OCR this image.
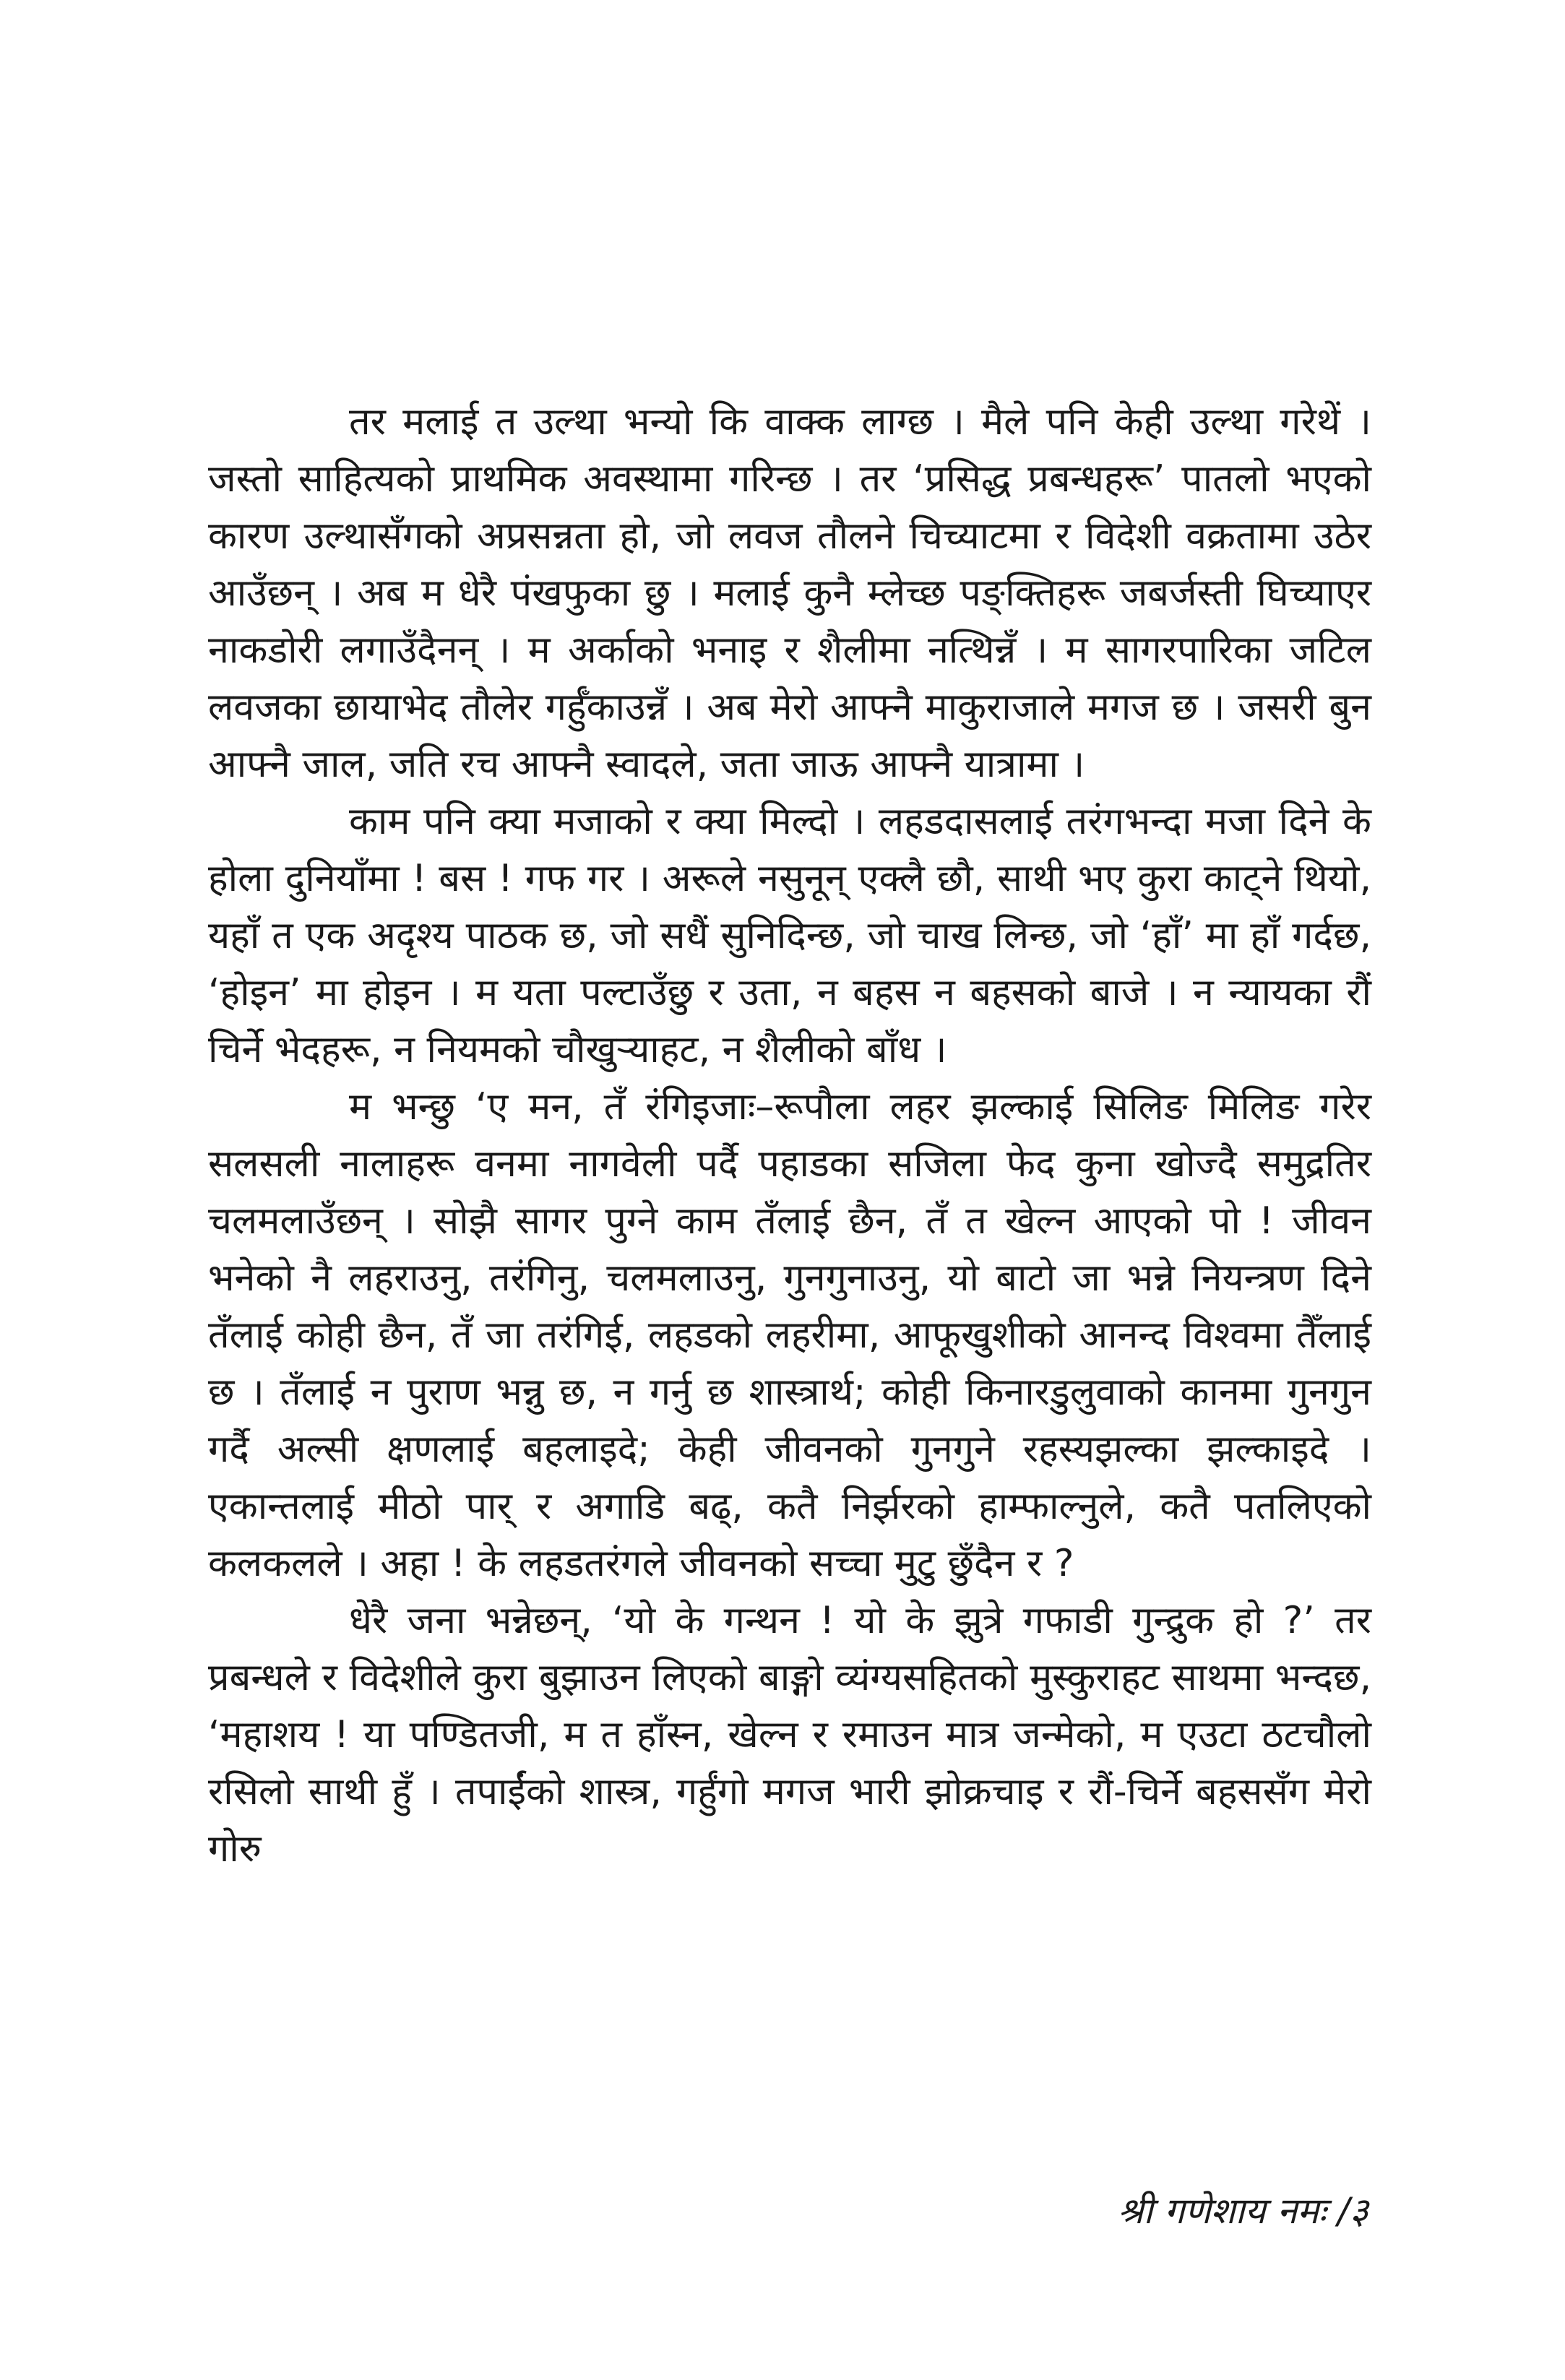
तर मलाई त उल्था भन्यो कि वाक्क लाग्छ । मैले पनि केही उल्था गरेथें । जस्तो साहित्यको प्राथमिक अवस्थामा गरिन्छ । तर ‘प्रसिद्ध प्रबन्धहरू’ पातलो भएको कारण उल्थासँगको अप्रसन्नता हो, जो लवज तौलने चिच्याटमा र विदेशी वक्रतामा उठेर आउँछन् । अब म धेरै पंखफुका छु । मलाई कुनै म्लेच्छ पङ्क्तिहरू जबर्जस्ती घिच्याएर नाकडोरी लगाउँदैनन् । म अर्काको भनाइ र शैलीमा नत्थिन्नँ । म सागरपारिका जटिल लवजका छायाभेद तौलेर गर्हुँकाउन्नँ । अब मेरो आफ्नै माकुराजाले मगज छ । जसरी बुन आफ्नै जाल, जति रच आफ्नै स्वादले, जता जाऊ आफ्नै यात्रामा ।

काम पनि क्या मजाको र क्या मिल्दो । लहडदासलाई तरंगभन्दा मजा दिने के होला दुनियाँमा ! बस ! गफ गर । अरूले नसुनून् एक्लै छौ, साथी भए कुरा काट्ने थियो, यहाँ त एक अदृश्य पाठक छ, जो सधैं सुनिदिन्छ, जो चाख लिन्छ, जो ‘हाँ’ मा हाँ गर्दछ, ‘होइन’ मा होइन । म यता पल्टाउँछु र उता, न बहस न बहसको बाजे । न न्यायका रौं चिर्ने भेदहरू, न नियमको चौखुऱ्याहट, न शैलीको बाँध ।

म भन्छु ‘ए मन, तँ रंगिइजाः–रूपौला लहर झल्काई सिलिङ मिलिङ गरेर सलसली नालाहरू वनमा नागवेली पर्दै पहाडका सजिला फेद कुना खोज्दै समुद्रतिर चलमलाउँछन् । सोझै सागर पुग्ने काम तँलाई छैन, तँ त खेल्न आएको पो ! जीवन भनेको नै लहराउनु, तरंगिनु, चलमलाउनु, गुनगुनाउनु, यो बाटो जा भन्ने नियन्त्रण दिने तँलाई कोही छैन, तँ जा तरंगिई, लहडको लहरीमा, आफूखुशीको आनन्द विश्वमा तैँलाई छ । तँलाई न पुराण भन्नु छ, न गर्नु छ शास्त्रार्थ; कोही किनारडुलुवाको कानमा गुनगुन गर्दै अल्सी क्षणलाई बहलाइदे; केही जीवनको गुनगुने रहस्यझल्का झल्काइदे । एकान्तलाई मीठो पार् र अगाडि बढ्, कतै निर्झरको हाम्फाल्नुले, कतै पतलिएको कलकलले । अहा ! के लहडतरंगले जीवनको सच्चा मुटु छुँदैन र ?

धेरै जना भन्नेछन्, ‘यो के गन्थन ! यो के झुत्रे गफाडी गुन्द्रुक हो ?’ तर प्रबन्धले र विदेशीले कुरा बुझाउन लिएको बाङ्गो व्यंग्यसहितको मुस्कुराहट साथमा भन्दछ, ‘महाशय ! या पण्डितजी, म त हाँस्न, खेल्न र रमाउन मात्र जन्मेको, म एउटा ठटचौलो रसिलो साथी हुँ । तपाईंको शास्त्र, गर्हुंगो मगज भारी झोक्रचाइ र रौं-चिर्ने बहससँग मेरो गोरु

श्री गणेशाय नमः /३
